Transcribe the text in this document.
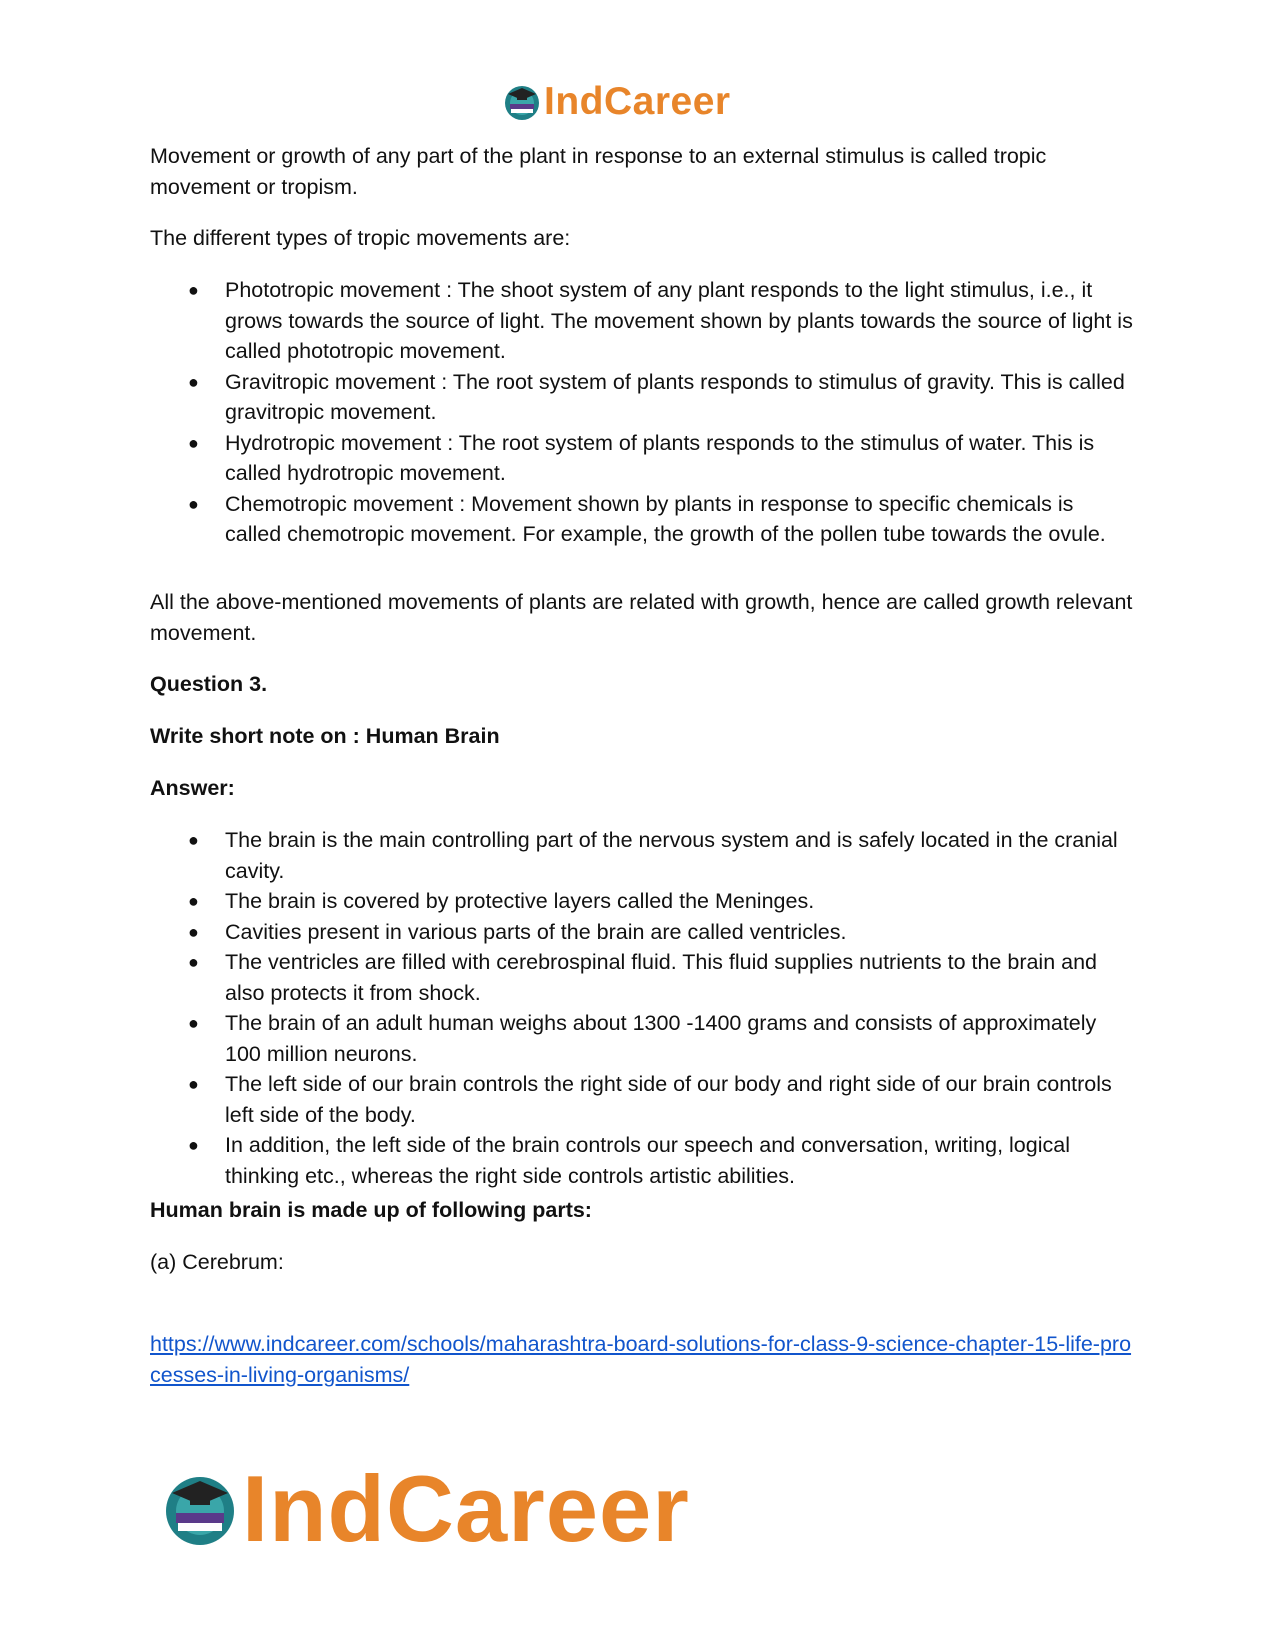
IndCareer

Movement or growth of any part of the plant in response to an external stimulus is called tropic movement or tropism.

The different types of tropic movements are:

● Phototropic movement : The shoot system of any plant responds to the light stimulus, i.e., it grows towards the source of light. The movement shown by plants towards the source of light is called phototropic movement.
● Gravitropic movement : The root system of plants responds to stimulus of gravity. This is called gravitropic movement.
● Hydrotropic movement : The root system of plants responds to the stimulus of water. This is called hydrotropic movement.
● Chemotropic movement : Movement shown by plants in response to specific chemicals is called chemotropic movement. For example, the growth of the pollen tube towards the ovule.

All the above-mentioned movements of plants are related with growth, hence are called growth relevant movement.

Question 3.

Write short note on : Human Brain

Answer:

● The brain is the main controlling part of the nervous system and is safely located in the cranial cavity.
● The brain is covered by protective layers called the Meninges.
● Cavities present in various parts of the brain are called ventricles.
● The ventricles are filled with cerebrospinal fluid. This fluid supplies nutrients to the brain and also protects it from shock.
● The brain of an adult human weighs about 1300 -1400 grams and consists of approximately 100 million neurons.
● The left side of our brain controls the right side of our body and right side of our brain controls left side of the body.
● In addition, the left side of the brain controls our speech and conversation, writing, logical thinking etc., whereas the right side controls artistic abilities.

Human brain is made up of following parts:

(a) Cerebrum:

https://www.indcareer.com/schools/maharashtra-board-solutions-for-class-9-science-chapter-15-life-processes-in-living-organisms/
IndCareer
